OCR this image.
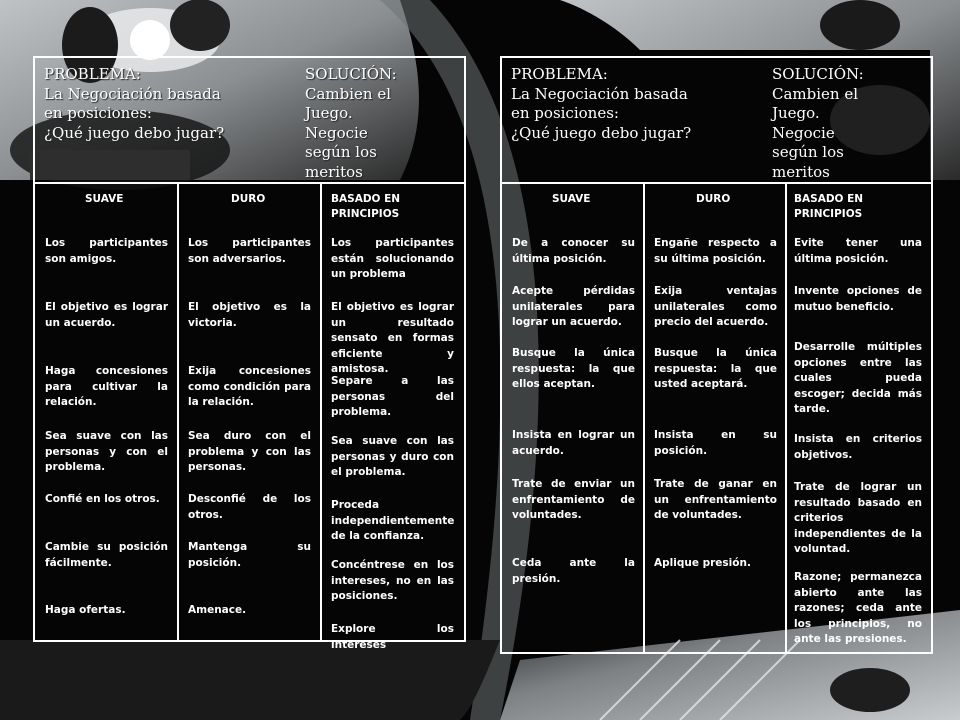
PROBLEMA:
La Negociación basada
en posiciones:
¿Qué juego debo jugar?
SOLUCIÓN:
Cambien el
Juego.
Negocie
según los
meritos
SUAVE
Los participantes son amigos.
El objetivo es lograr un acuerdo.
Haga concesiones para cultivar la relación.
Sea suave con las personas y con el problema.
Confié en los otros.
Cambie su posición fácilmente.
Haga ofertas.
DURO
Los participantes son adversarios.
El objetivo es la victoria.
Exija concesiones como condición para la relación.
Sea duro con el problema y con las personas.
Desconfié de los otros.
Mantenga su posición.
Amenace.
BASADO EN PRINCIPIOS
Los participantes están solucionando un problema
El objetivo es lograr un resultado sensato en formas eficiente y amistosa.
Separe a las personas del problema.
Sea suave con las personas y duro con el problema.
Proceda independientemente de la confianza.
Concéntrese en los intereses, no en las posiciones.
Explore los intereses
PROBLEMA:
La Negociación basada
en posiciones:
¿Qué juego debo jugar?
SOLUCIÓN:
Cambien el
Juego.
Negocie
según los
meritos
SUAVE
De a conocer su última posición.
Acepte pérdidas unilaterales para lograr un acuerdo.
Busque la única respuesta: la que ellos aceptan.
Insista en lograr un acuerdo.
Trate de enviar un enfrentamiento de voluntades.
Ceda ante la presión.
DURO
Engañe respecto a su última posición.
Exija ventajas unilaterales como precio del acuerdo.
Busque la única respuesta: la que usted aceptará.
Insista en su posición.
Trate de ganar en un enfrentamiento de voluntades.
Aplique presión.
BASADO EN PRINCIPIOS
Evite tener una última posición.
Invente opciones de mutuo beneficio.
Desarrolle múltiples opciones entre las cuales pueda escoger; decida más tarde.
Insista en criterios objetivos.
Trate de lograr un resultado basado en criterios independientes de la voluntad.
Razone; permanezca abierto ante las razones; ceda ante los principios, no ante las presiones.
